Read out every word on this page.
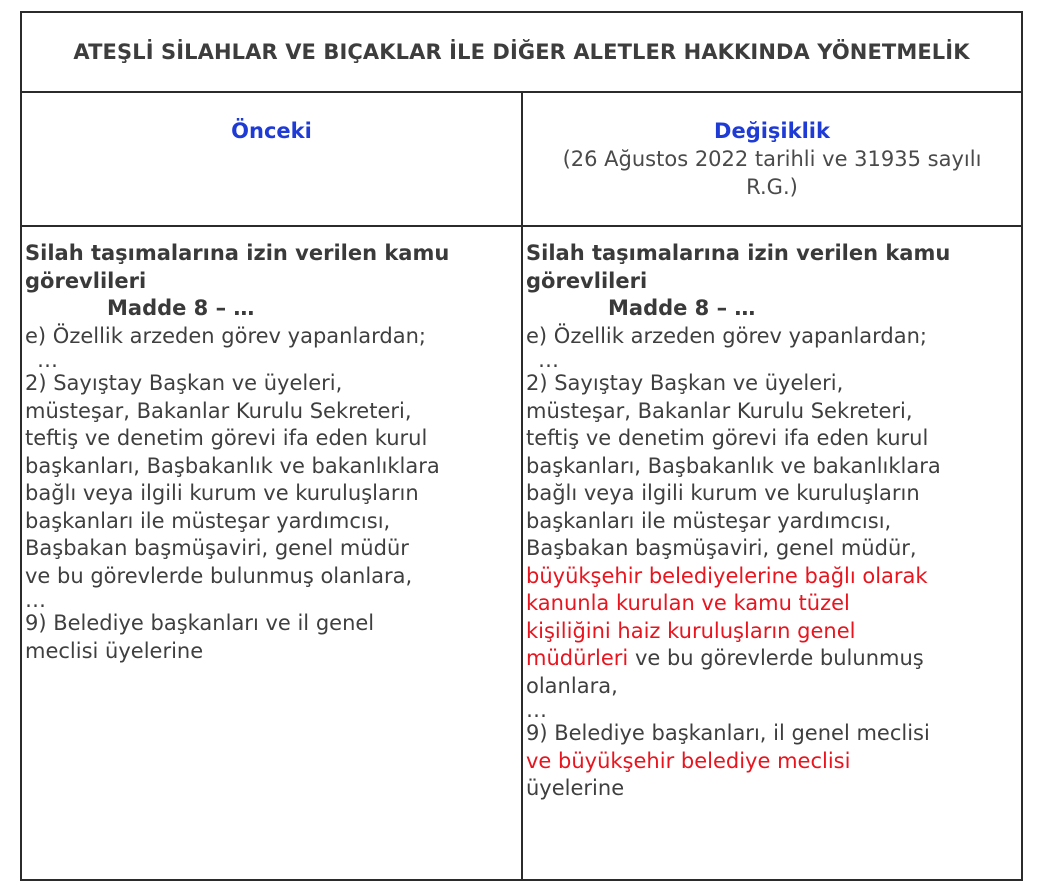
ATEŞLİ SİLAHLAR VE BIÇAKLAR İLE DİĞER ALETLER HAKKINDA YÖNETMELİK
Önceki	Değişiklik
(26 Ağustos 2022 tarihli ve 31935 sayılı
R.G.)
Silah taşımalarına izin verilen kamu
görevlileri
Madde 8 – …
e) Özellik arzeden görev yapanlardan;
…
2) Sayıştay Başkan ve üyeleri,
müsteşar, Bakanlar Kurulu Sekreteri,
teftiş ve denetim görevi ifa eden kurul
başkanları, Başbakanlık ve bakanlıklara
bağlı veya ilgili kurum ve kuruluşların
başkanları ile müsteşar yardımcısı,
Başbakan başmüşaviri, genel müdür
ve bu görevlerde bulunmuş olanlara,
…
9) Belediye başkanları ve il genel
meclisi üyelerine
Silah taşımalarına izin verilen kamu
görevlileri
Madde 8 – …
e) Özellik arzeden görev yapanlardan;
…
2) Sayıştay Başkan ve üyeleri,
müsteşar, Bakanlar Kurulu Sekreteri,
teftiş ve denetim görevi ifa eden kurul
başkanları, Başbakanlık ve bakanlıklara
bağlı veya ilgili kurum ve kuruluşların
başkanları ile müsteşar yardımcısı,
Başbakan başmüşaviri, genel müdür,
büyükşehir belediyelerine bağlı olarak
kanunla kurulan ve kamu tüzel
kişiliğini haiz kuruluşların genel
müdürleri ve bu görevlerde bulunmuş
olanlara,
…
9) Belediye başkanları, il genel meclisi
ve büyükşehir belediye meclisi
üyelerine
